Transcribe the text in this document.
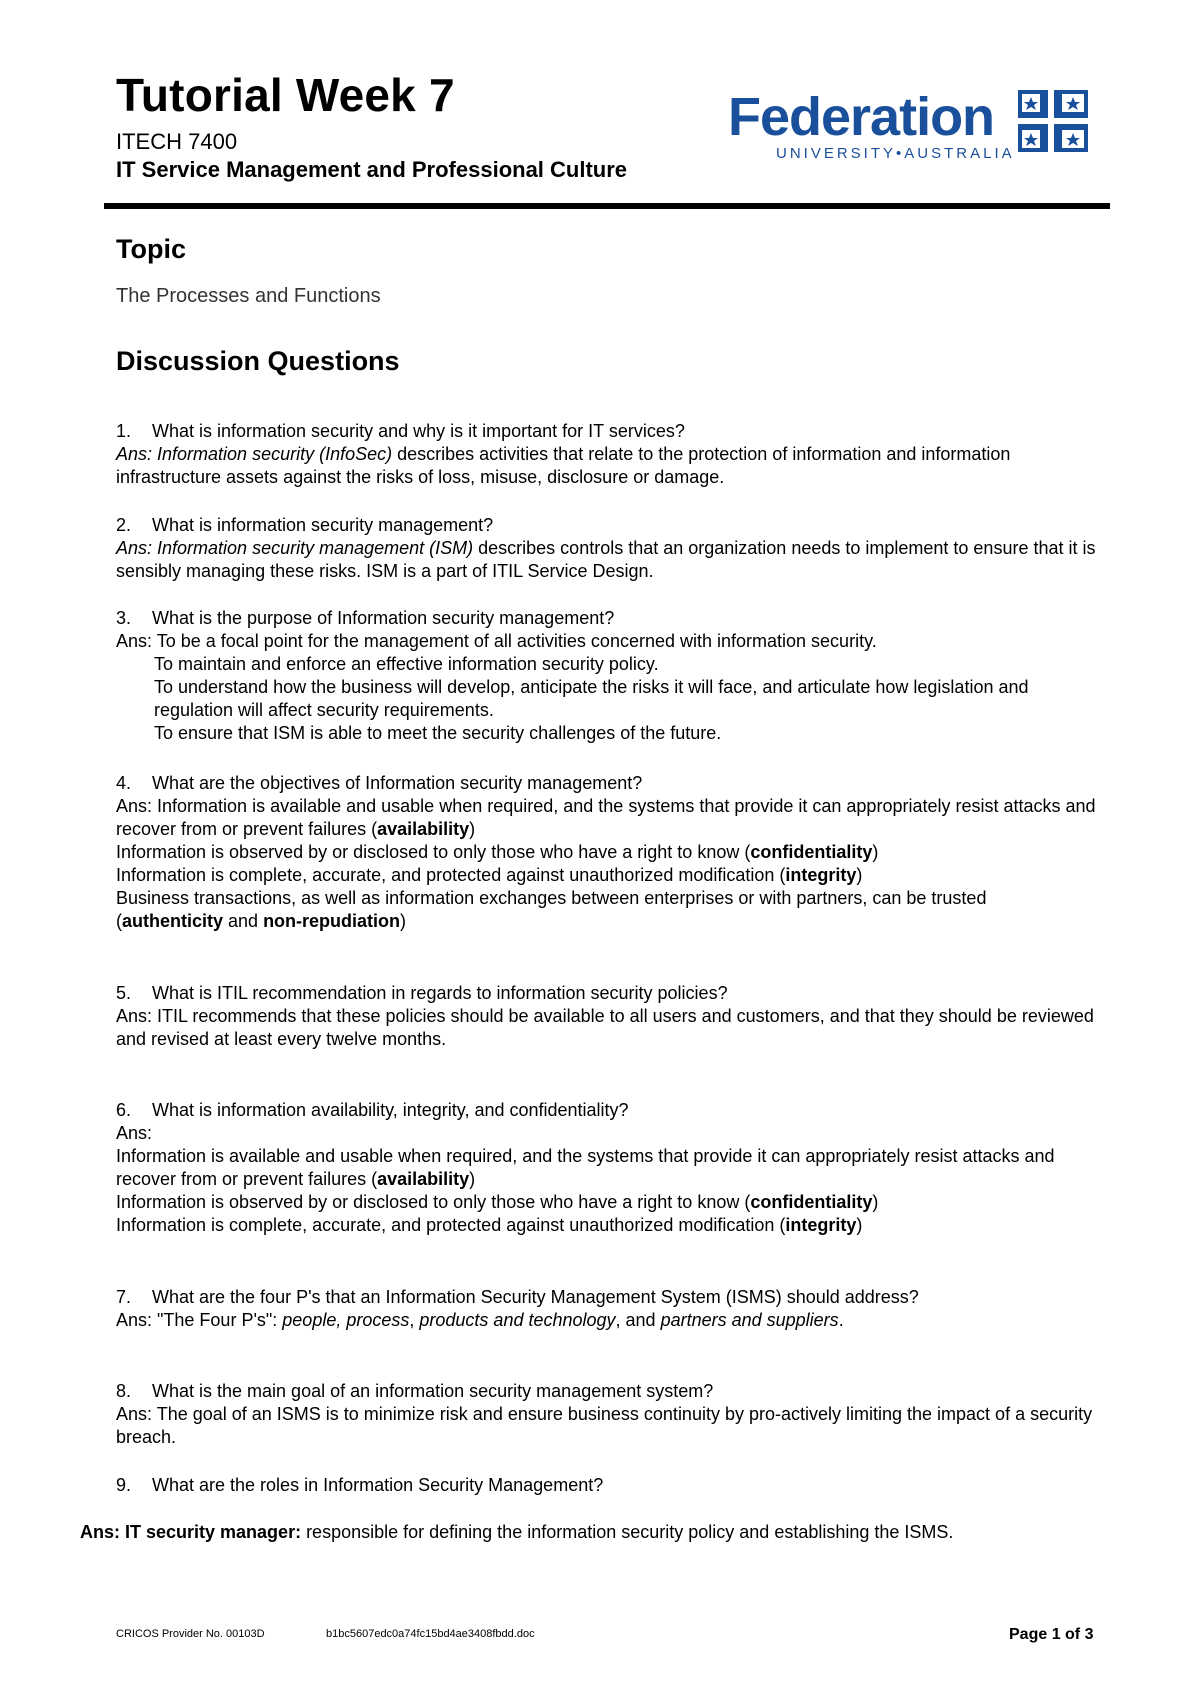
Tutorial Week 7
ITECH 7400
IT Service Management and Professional Culture
Federation
UNIVERSITY•AUSTRALIA
Topic
The Processes and Functions
Discussion Questions

1. What is information security and why is it important for IT services?

Ans: Information security (InfoSec) describes activities that relate to the protection of information and information infrastructure assets against the risks of loss, misuse, disclosure or damage.

2. What is information security management?

Ans: Information security management (ISM) describes controls that an organization needs to implement to ensure that it is sensibly managing these risks. ISM is a part of ITIL Service Design.

3. What is the purpose of Information security management?

Ans: To be a focal point for the management of all activities concerned with information security.

To maintain and enforce an effective information security policy.

To understand how the business will develop, anticipate the risks it will face, and articulate how legislation and regulation will affect security requirements.

To ensure that ISM is able to meet the security challenges of the future.

4. What are the objectives of Information security management?

Ans: Information is available and usable when required, and the systems that provide it can appropriately resist attacks and recover from or prevent failures (availability)

Information is observed by or disclosed to only those who have a right to know (confidentiality)

Information is complete, accurate, and protected against unauthorized modification (integrity)

Business transactions, as well as information exchanges between enterprises or with partners, can be trusted (authenticity and non-repudiation)

5. What is ITIL recommendation in regards to information security policies?

Ans: ITIL recommends that these policies should be available to all users and customers, and that they should be reviewed and revised at least every twelve months.

6. What is information availability, integrity, and confidentiality?

Ans:

Information is available and usable when required, and the systems that provide it can appropriately resist attacks and recover from or prevent failures (availability)

Information is observed by or disclosed to only those who have a right to know (confidentiality)

Information is complete, accurate, and protected against unauthorized modification (integrity)

7. What are the four P's that an Information Security Management System (ISMS) should address?

Ans: "The Four P's": people, process, products and technology, and partners and suppliers.

8. What is the main goal of an information security management system?

Ans: The goal of an ISMS is to minimize risk and ensure business continuity by pro-actively limiting the impact of a security breach.

9. What are the roles in Information Security Management?

Ans: IT security manager: responsible for defining the information security policy and establishing the ISMS.

CRICOS Provider No. 00103D	b1bc5607edc0a74fc15bd4ae3408fbdd.doc	Page 1 of 3
